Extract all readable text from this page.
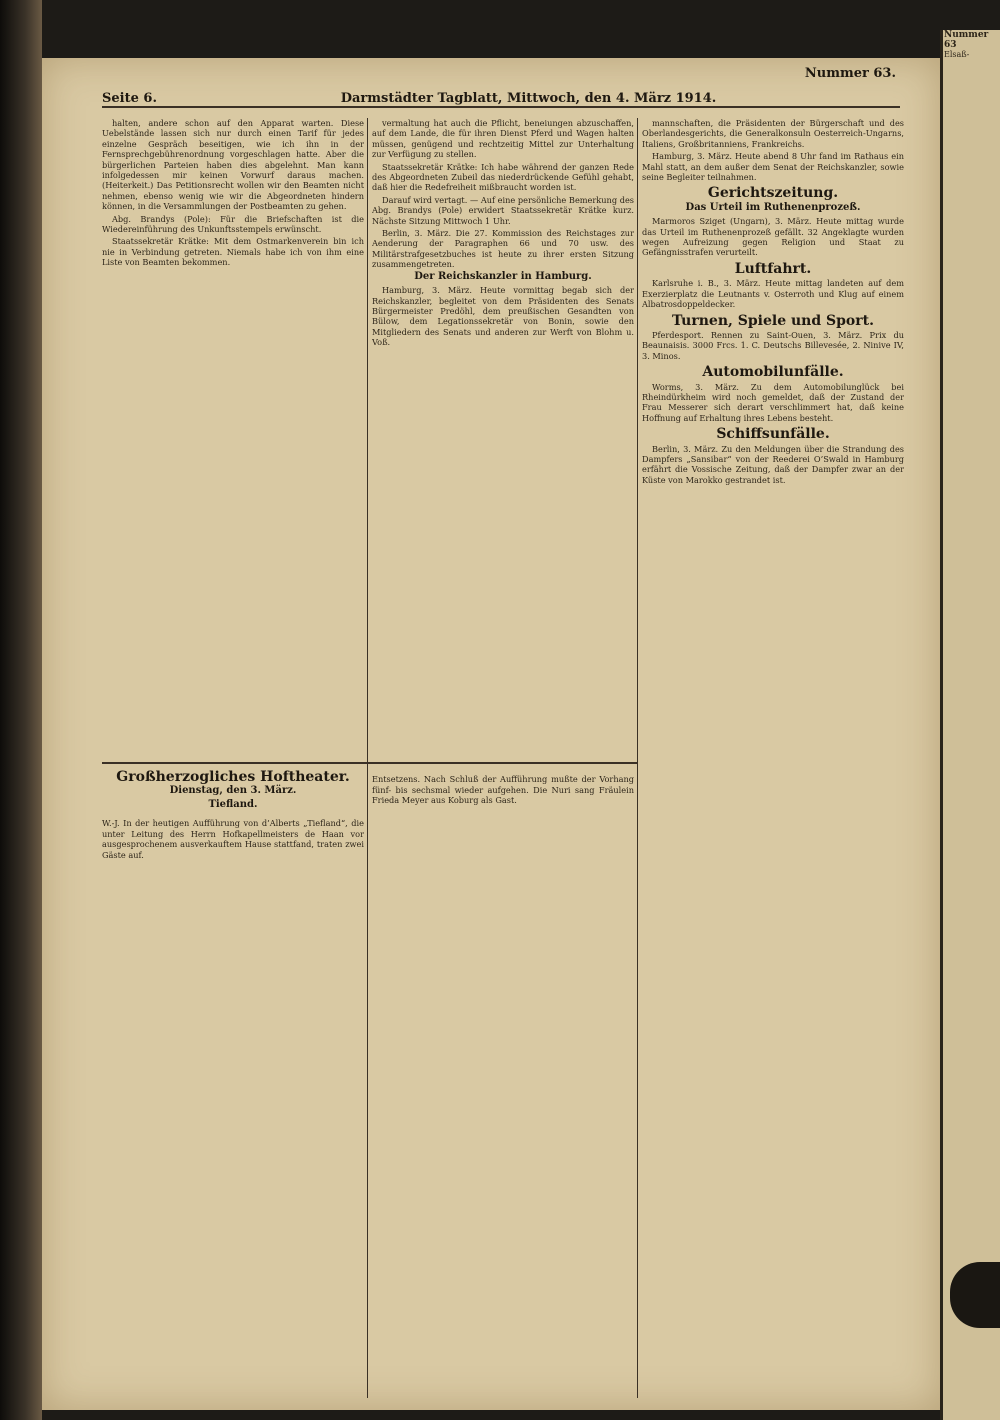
Nummer 63
Elsaß-
Nummer 63.
Seite 6.	Darmstädter Tagblatt, Mittwoch, den 4. März 1914.

halten, andere schon auf den Apparat warten. Diese Uebelstände lassen sich nur durch einen Tarif für jedes einzelne Gespräch beseitigen, wie ich ihn in der Fernsprechgebührenordnung vorgeschlagen hatte. Aber die bürgerlichen Parteien haben dies abgelehnt. Man kann infolgedessen mir keinen Vorwurf daraus machen. (Heiterkeit.) Das Petitionsrecht wollen wir den Beamten nicht nehmen, ebenso wenig wie wir die Abgeordneten hindern können, in die Versammlungen der Postbeamten zu gehen.

Abg. Brandys (Pole): Für die Briefschaften ist die Wiedereinführung des Unkunftsstempels erwünscht.

Staatssekretär Krätke: Mit dem Ostmarkenverein bin ich nie in Verbindung getreten. Niemals habe ich von ihm eine Liste von Beamten bekommen.

vermaltung hat auch die Pflicht, beneiungen abzuschaffen, auf dem Lande, die für ihren Dienst Pferd und Wagen halten müssen, genügend und rechtzeitig Mittel zur Unterhaltung zur Verfügung zu stellen.

Staatssekretär Krätke: Ich habe während der ganzen Rede des Abgeordneten Zubeil das niederdrückende Gefühl gehabt, daß hier die Redefreiheit mißbraucht worden ist.

Darauf wird vertagt. — Auf eine persönliche Bemerkung des Abg. Brandys (Pole) erwidert Staatssekretär Krätke kurz. Nächste Sitzung Mittwoch 1 Uhr.

Berlin, 3. März. Die 27. Kommission des Reichstages zur Aenderung der Paragraphen 66 und 70 usw. des Militärstrafgesetzbuches ist heute zu ihrer ersten Sitzung zusammengetreten.

Der Reichskanzler in Hamburg.

Hamburg, 3. März. Heute vormittag begab sich der Reichskanzler, begleitet von dem Präsidenten des Senats Bürgermeister Predöhl, dem preußischen Gesandten von Bülow, dem Legationssekretär von Bonin, sowie den Mitgliedern des Senats und anderen zur Werft von Blohm u. Voß.

mannschaften, die Präsidenten der Bürgerschaft und des Oberlandesgerichts, die Generalkonsuln Oesterreich-Ungarns, Italiens, Großbritanniens, Frankreichs.

Hamburg, 3. März. Heute abend 8 Uhr fand im Rathaus ein Mahl statt, an dem außer dem Senat der Reichskanzler, sowie seine Begleiter teilnahmen.

Gerichtszeitung.
Das Urteil im Ruthenenprozeß.

Marmoros Sziget (Ungarn), 3. März. Heute mittag wurde das Urteil im Ruthenenprozeß gefällt. 32 Angeklagte wurden wegen Aufreizung gegen Religion und Staat zu Gefängnisstrafen verurteilt.

Luftfahrt.

Karlsruhe i. B., 3. März. Heute mittag landeten auf dem Exerzierplatz die Leutnants v. Osterroth und Klug auf einem Albatrosdoppeldecker.

Turnen, Spiele und Sport.

Pferdesport. Rennen zu Saint-Ouen, 3. März. Prix du Beaunaisis. 3000 Frcs. 1. C. Deutschs Billevesée, 2. Ninive IV, 3. Minos.

Automobilunfälle.

Worms, 3. März. Zu dem Automobilunglück bei Rheindürkheim wird noch gemeldet, daß der Zustand der Frau Messerer sich derart verschlimmert hat, daß keine Hoffnung auf Erhaltung ihres Lebens besteht.

Schiffsunfälle.

Berlin, 3. März. Zu den Meldungen über die Strandung des Dampfers „Sansibar“ von der Reederei O’Swald in Hamburg erfährt die Vossische Zeitung, daß der Dampfer zwar an der Küste von Marokko gestrandet ist.

Großherzogliches Hoftheater.
Dienstag, den 3. März.
Tiefland.

W.-J. In der heutigen Aufführung von d’Alberts „Tiefland“, die unter Leitung des Herrn Hofkapellmeisters de Haan vor ausgesprochenem ausverkauftem Hause stattfand, traten zwei Gäste auf.

Entsetzens. Nach Schluß der Aufführung mußte der Vorhang fünf- bis sechsmal wieder aufgehen. Die Nuri sang Fräulein Frieda Meyer aus Koburg als Gast.
